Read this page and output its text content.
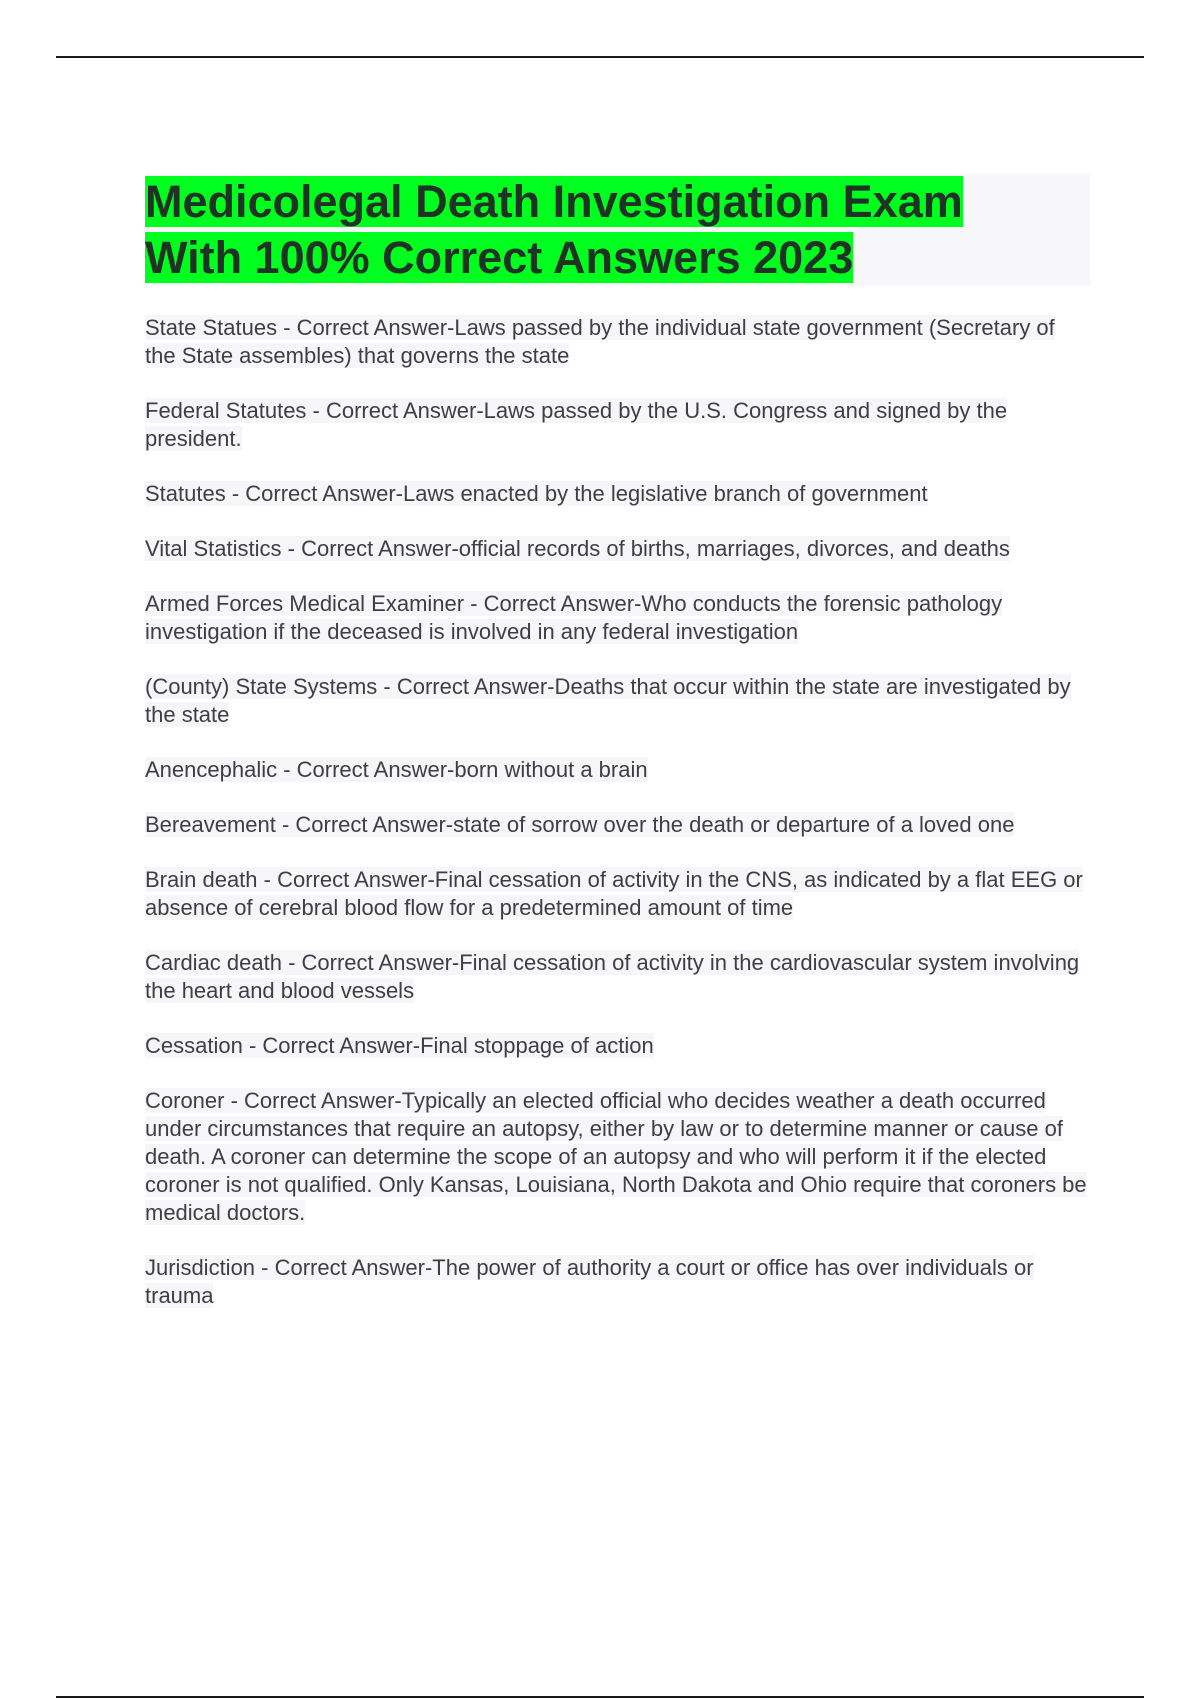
Medicolegal Death Investigation Exam
With 100% Correct Answers 2023
State Statues - Correct Answer-Laws passed by the individual state government (Secretary of the State assembles) that governs the state
Federal Statutes - Correct Answer-Laws passed by the U.S. Congress and signed by the president.
Statutes - Correct Answer-Laws enacted by the legislative branch of government
Vital Statistics - Correct Answer-official records of births, marriages, divorces, and deaths
Armed Forces Medical Examiner - Correct Answer-Who conducts the forensic pathology investigation if the deceased is involved in any federal investigation
(County) State Systems - Correct Answer-Deaths that occur within the state are investigated by the state
Anencephalic - Correct Answer-born without a brain
Bereavement - Correct Answer-state of sorrow over the death or departure of a loved one
Brain death - Correct Answer-Final cessation of activity in the CNS, as indicated by a flat EEG or absence of cerebral blood flow for a predetermined amount of time
Cardiac death - Correct Answer-Final cessation of activity in the cardiovascular system involving the heart and blood vessels
Cessation - Correct Answer-Final stoppage of action
Coroner - Correct Answer-Typically an elected official who decides weather a death occurred under circumstances that require an autopsy, either by law or to determine manner or cause of death. A coroner can determine the scope of an autopsy and who will perform it if the elected coroner is not qualified. Only Kansas, Louisiana, North Dakota and Ohio require that coroners be medical doctors.
Jurisdiction - Correct Answer-The power of authority a court or office has over individuals or trauma
